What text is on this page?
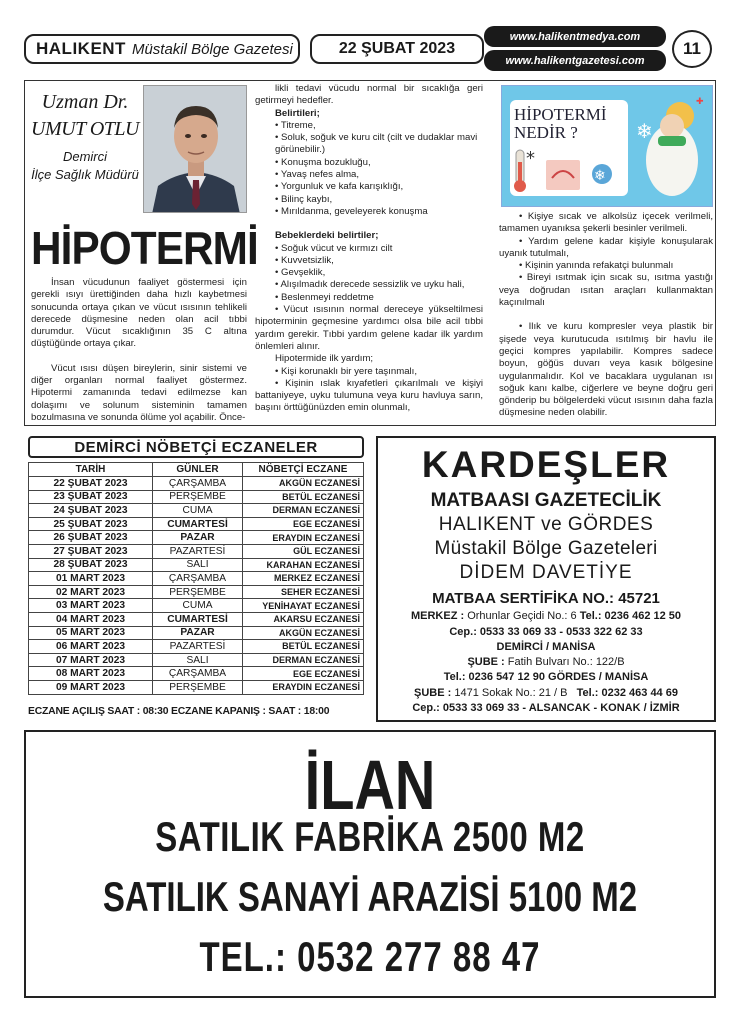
HALIKENT Müstakil Bölge Gazetesi	22 ŞUBAT 2023
www.halikentmedya.com
www.halikentgazetesi.com
11
Uzman Dr.
UMUT OTLU
Demirci
İlçe Sağlık Müdürü
HİPOTERMİ

İnsan vücudunun faaliyet göstermesi için gerekli ısıyı ürettiğinden daha hızlı kaybetmesi sonucunda ortaya çıkan ve vücut ısısının tehlikeli derecede düşmesine neden olan acil tıbbi durumdur. Vücut sıcaklığının 35 C altına düştüğünde ortaya çıkar.

Vücut ısısı düşen bireylerin, sinir sistemi ve diğer organları normal faaliyet göstermez. Hipotermi zamanında tedavi edilmezse kan dolaşımı ve solunum sisteminin tamamen bozulmasına ve sonunda ölüme yol açabilir. Önce-

likli tedavi vücudu normal bir sıcaklığa geri getirmeyi hedefler.

Belirtileri;

• Titreme,

• Soluk, soğuk ve kuru cilt (cilt ve dudaklar mavi görünebilir.)

• Konuşma bozukluğu,

• Yavaş nefes alma,

• Yorgunluk ve kafa karışıklığı,

• Bilinç kaybı,

• Mırıldanma, geveleyerek konuşma

Bebeklerdeki belirtiler;

• Soğuk vücut ve kırmızı cilt

• Kuvvetsizlik,

• Gevşeklik,

• Alışılmadık derecede sessizlik ve uyku hali,

• Beslenmeyi reddetme

• Vücut ısısının normal dereceye yükseltilmesi hipoterminin geçmesine yardımcı olsa bile acil tıbbi yardım gerekir. Tıbbi yardım gelene kadar ilk yardım önlemleri alınır.

Hipotermide ilk yardım;

• Kişi korunaklı bir yere taşınmalı,

• Kişinin ıslak kıyafetleri çıkarılmalı ve kişiyi battaniyeye, uyku tulumuna veya kuru havluya sarın, başını örttüğünüzden emin olunmalı,

*
❄
❄
✚
HİPOTERMİ
NEDİR ?

• Kişiye sıcak ve alkolsüz içecek verilmeli, tamamen uyanıksa şekerli besinler verilmeli.

• Yardım gelene kadar kişiyle konuşularak uyanık tutulmalı,

• Kişinin yanında refakatçi bulunmalı

• Bireyi ısıtmak için sıcak su, ısıtma yastığı veya doğrudan ısıtan araçları kullanmaktan kaçınılmalı

• Ilık ve kuru kompresler veya plastik bir şişede veya kurutucuda ısıtılmış bir havlu ile geçici kompres yapılabilir. Kompres sadece boyun, göğüs duvarı veya kasık bölgesine uygulanmalıdır. Kol ve bacaklara uygulanan ısı soğuk kanı kalbe, ciğerlere ve beyne doğru geri gönderip bu bölgelerdeki vücut ısısının daha fazla düşmesine neden olabilir.

DEMİRCİ NÖBETÇİ ECZANELER
TARİH	GÜNLER	NÖBETÇİ ECZANE
22 ŞUBAT 2023	ÇARŞAMBA	AKGÜN ECZANESİ
23 ŞUBAT 2023	PERŞEMBE	BETÜL ECZANESİ
24 ŞUBAT 2023	CUMA	DERMAN ECZANESİ
25 ŞUBAT 2023	CUMARTESİ	EGE ECZANESİ
26 ŞUBAT 2023	PAZAR	ERAYDIN ECZANESİ
27 ŞUBAT 2023	PAZARTESİ	GÜL ECZANESİ
28 ŞUBAT 2023	SALI	KARAHAN ECZANESİ
01 MART 2023	ÇARŞAMBA	MERKEZ ECZANESİ
02 MART 2023	PERŞEMBE	SEHER ECZANESİ
03 MART 2023	CUMA	YENİHAYAT ECZANESİ
04 MART 2023	CUMARTESİ	AKARSU ECZANESİ
05 MART 2023	PAZAR	AKGÜN ECZANESİ
06 MART 2023	PAZARTESİ	BETÜL ECZANESİ
07 MART 2023	SALI	DERMAN ECZANESİ
08 MART 2023	ÇARŞAMBA	EGE ECZANESİ
09 MART 2023	PERŞEMBE	ERAYDIN ECZANESİ
ECZANE AÇILIŞ SAAT : 08:30 ECZANE KAPANIŞ : SAAT : 18:00
KARDEŞLER
MATBAASI GAZETECİLİK
HALIKENT ve GÖRDES
Müstakil Bölge Gazeteleri
DİDEM DAVETİYE
MATBAA SERTİFİKA NO.: 45721
MERKEZ : Orhunlar Geçidi No.: 6 Tel.: 0236 462 12 50
Cep.: 0533 33 069 33 - 0533 322 62 33
DEMİRCİ / MANİSA
ŞUBE : Fatih Bulvarı No.: 122/B
Tel.: 0236 547 12 90 GÖRDES / MANİSA
ŞUBE : 1471 Sokak No.: 21 / B Tel.: 0232 463 44 69
Cep.: 0533 33 069 33 - ALSANCAK - KONAK / İZMİR
İLAN
SATILIK FABRİKA 2500 M2
SATILIK SANAYİ ARAZİSİ 5100 M2
TEL.: 0532 277 88 47
